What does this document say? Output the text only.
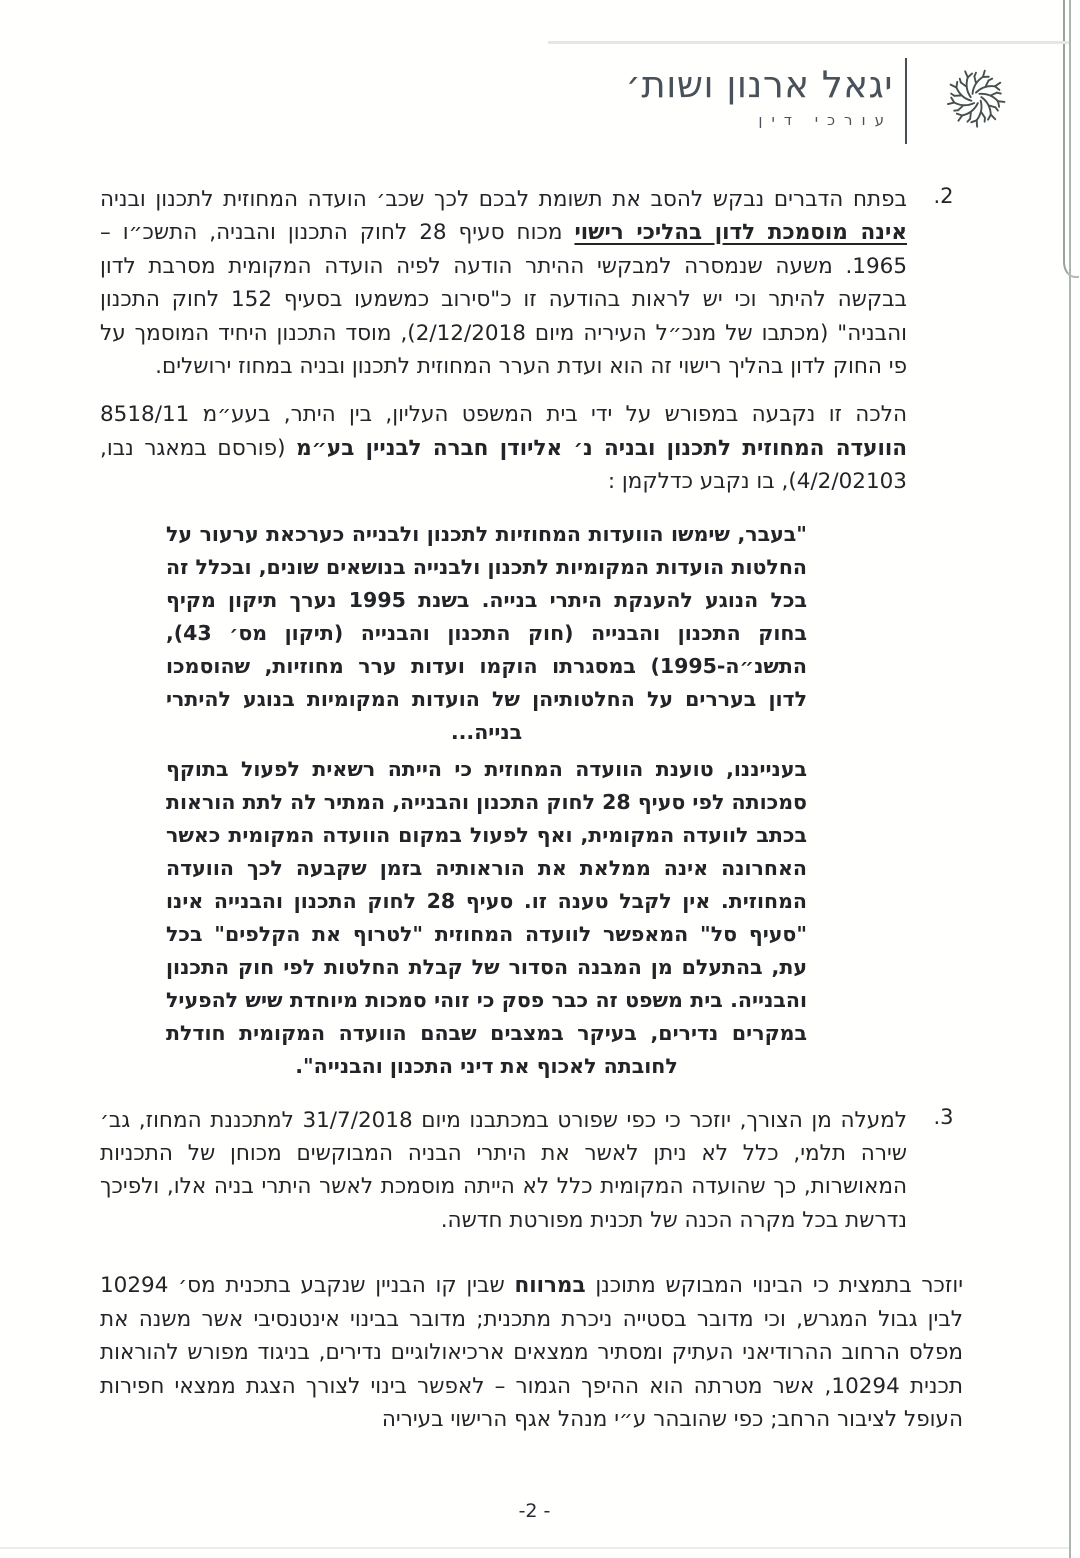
יגאל ארנון ושות׳
עורכי דין
2.

בפתח הדברים נבקש להסב את תשומת לבכם לכך שכב׳ הועדה המחוזית לתכנון ובניה אינה מוסמכת לדון בהליכי רישוי מכוח סעיף 28 לחוק התכנון והבניה, התשכ״ו – 1965. משעה שנמסרה למבקשי ההיתר הודעה לפיה הועדה המקומית מסרבת לדון בבקשה להיתר וכי יש לראות בהודעה זו כ"סירוב כמשמעו בסעיף 152 לחוק התכנון והבניה" (מכתבו של מנכ״ל העיריה מיום 2/12/2018), מוסד התכנון היחיד המוסמך על פי החוק לדון בהליך רישוי זה הוא ועדת הערר המחוזית לתכנון ובניה במחוז ירושלים.

הלכה זו נקבעה במפורש על ידי בית המשפט העליון, בין היתר, בעע״מ 8518/11 הוועדה המחוזית לתכנון ובניה נ׳ אליודן חברה לבניין בע״מ (פורסם במאגר נבו, 4/2/02103), בו נקבע כדלקמן :

"בעבר, שימשו הוועדות המחוזיות לתכנון ולבנייה כערכאת ערעור על החלטות הועדות המקומיות לתכנון ולבנייה בנושאים שונים, ובכלל זה בכל הנוגע להענקת היתרי בנייה. בשנת 1995 נערך תיקון מקיף בחוק התכנון והבנייה (חוק התכנון והבנייה (תיקון מס׳ 43), התשנ״ה-1995) במסגרתו הוקמו ועדות ערר מחוזיות, שהוסמכו לדון בעררים על החלטותיהן של הועדות המקומיות בנוגע להיתרי בנייה...

בענייננו, טוענת הוועדה המחוזית כי הייתה רשאית לפעול בתוקף סמכותה לפי סעיף 28 לחוק התכנון והבנייה, המתיר לה לתת הוראות בכתב לוועדה המקומית, ואף לפעול במקום הוועדה המקומית כאשר האחרונה אינה ממלאת את הוראותיה בזמן שקבעה לכך הוועדה המחוזית. אין לקבל טענה זו. סעיף 28 לחוק התכנון והבנייה אינו "סעיף סל" המאפשר לוועדה המחוזית "לטרוף את הקלפים" בכל עת, בהתעלם מן המבנה הסדור של קבלת החלטות לפי חוק התכנון והבנייה. בית משפט זה כבר פסק כי זוהי סמכות מיוחדת שיש להפעיל במקרים נדירים, בעיקר במצבים שבהם הוועדה המקומית חודלת לחובתה לאכוף את דיני התכנון והבנייה".

3.

למעלה מן הצורך, יוזכר כי כפי שפורט במכתבנו מיום 31/7/2018 למתכננת המחוז, גב׳ שירה תלמי, כלל לא ניתן לאשר את היתרי הבניה המבוקשים מכוחן של התכניות המאושרות, כך שהועדה המקומית כלל לא הייתה מוסמכת לאשר היתרי בניה אלו, ולפיכך נדרשת בכל מקרה הכנה של תכנית מפורטת חדשה.

יוזכר בתמצית כי הבינוי המבוקש מתוכנן במרווח שבין קו הבניין שנקבע בתכנית מס׳ 10294 לבין גבול המגרש, וכי מדובר בסטייה ניכרת מתכנית; מדובר בבינוי אינטנסיבי אשר משנה את מפלס הרחוב ההרודיאני העתיק ומסתיר ממצאים ארכיאולוגיים נדירים, בניגוד מפורש להוראות תכנית 10294, אשר מטרתה הוא ההיפך הגמור – לאפשר בינוי לצורך הצגת ממצאי חפירות העופל לציבור הרחב; כפי שהובהר ע״י מנהל אגף הרישוי בעיריה

-2 -
